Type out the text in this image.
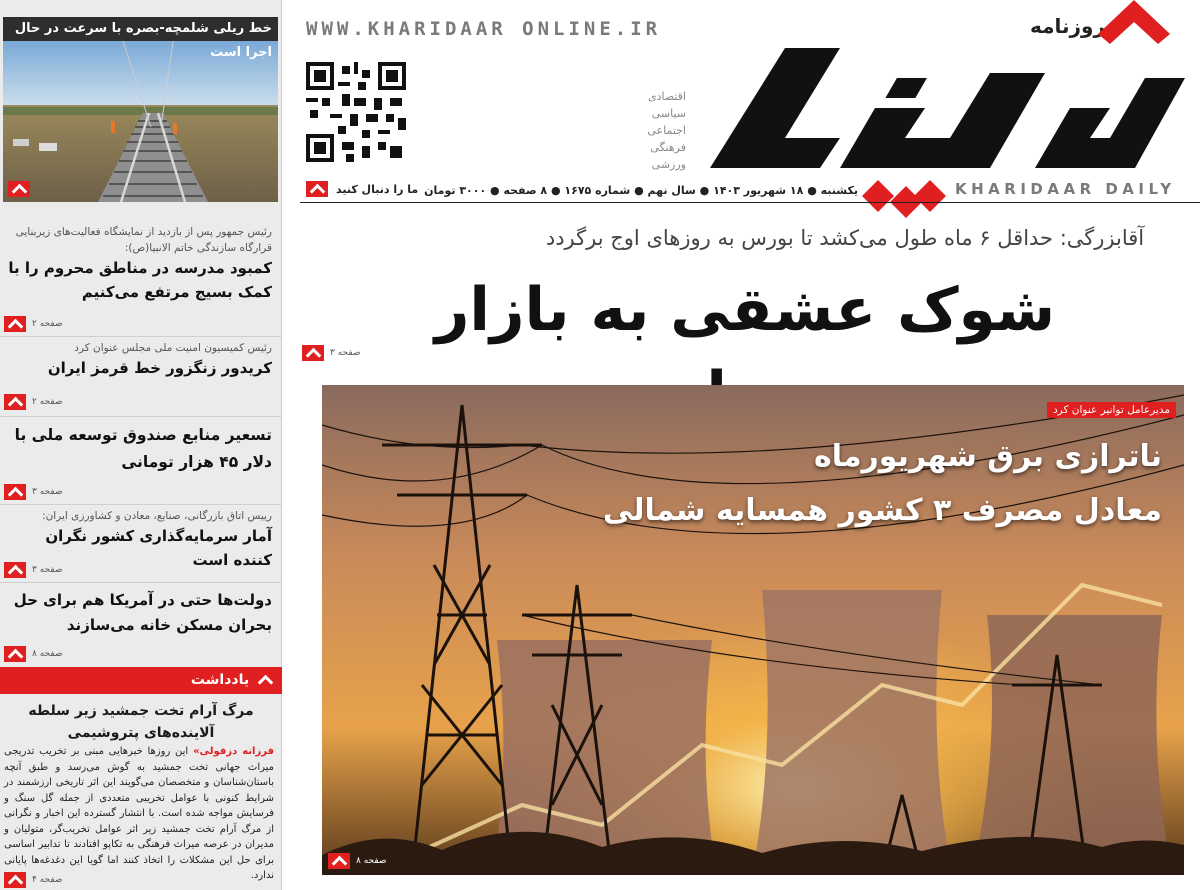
خط ریلی شلمچه-بصره با سرعت در حال اجرا است
رئیس جمهور پس از بازدید از نمایشگاه فعالیت‌های زیربنایی قرارگاه سازندگی خاتم الانبیا(ص):
کمبود مدرسه در مناطق محروم را با کمک بسیج مرتفع می‌کنیم
صفحه ۲
رئیس کمیسیون امنیت ملی مجلس عنوان کرد
کریدور زنگزور خط قرمز ایران
صفحه ۲
تسعیر منابع صندوق توسعه ملی با دلار ۴۵ هزار تومانی
صفحه ۳
رییس اتاق بازرگانی، صنایع، معادن و کشاورزی ایران:
آمار سرمایه‌گذاری کشور نگران کننده است
صفحه ۳
دولت‌ها حتی در آمریکا هم برای حل بحران مسکن خانه می‌سازند
صفحه ۸
یادداشت
مرگ آرام تخت جمشید زیر سلطه آلاینده‌های پتروشیمی
فرزانه دزفولی» این روزها خبرهایی مبنی بر تخریب تدریجی میراث جهانی تخت جمشید به گوش می‌رسد و طبق آنچه باستان‌شناسان و متخصصان می‌گویند این اثر تاریخی ارزشمند در شرایط کنونی با عوامل تخریبی متعددی از جمله گل سنگ و فرسایش مواجه شده است. با انتشار گسترده این اخبار و نگرانی از مرگ آرام تخت جمشید زیر اثر عوامل تخریب‌گر، متولیان و مدیران در عرصه میراث فرهنگی به تکاپو افتادند تا تدابیر اساسی برای حل این مشکلات را اتخاذ کنند اما گویا این دغدغه‌ها پایانی ندارد.
صفحه ۴
WWW.KHARIDAAR ONLINE.IR	روزنامه
اقتصادی
سیاسی
اجتماعی
فرهنگی
ورزشی
KHARIDAAR DAILY
یکشنبه ● ۱۸ شهریور ۱۴۰۳ ● سال نهم ● شماره ۱۶۷۵ ● ۸ صفحه ● ۳۰۰۰ تومان
ما را دنبال کنید
آقابزرگی: حداقل ۶ ماه طول می‌کشد تا بورس به روزهای اوج برگردد
شوک عشقی به بازار
صفحه ۳
مدیرعامل توانیر عنوان کرد
ناترازی برق شهریورماه
معادل مصرف ۳ کشور همسایه شمالی
صفحه ۸
